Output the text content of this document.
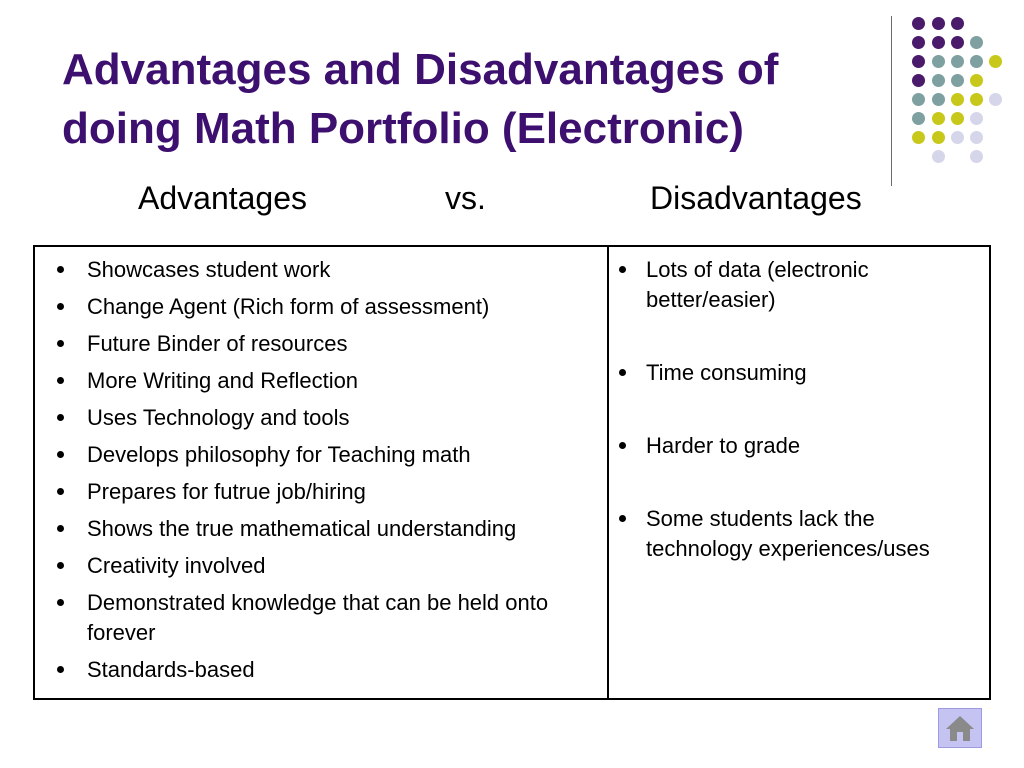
Advantages and Disadvantages of doing Math Portfolio (Electronic)
Advantages	vs.	Disadvantages
Showcases student work
Change Agent (Rich form of assessment)
Future Binder of resources
More Writing and Reflection
Uses Technology and tools
Develops philosophy for Teaching math
Prepares for futrue job/hiring
Shows the true mathematical understanding
Creativity involved
Demonstrated knowledge that can be held onto forever
Standards-based

Lots of data (electronic better/easier)
Time consuming
Harder to grade
Some students lack the technology experiences/uses
